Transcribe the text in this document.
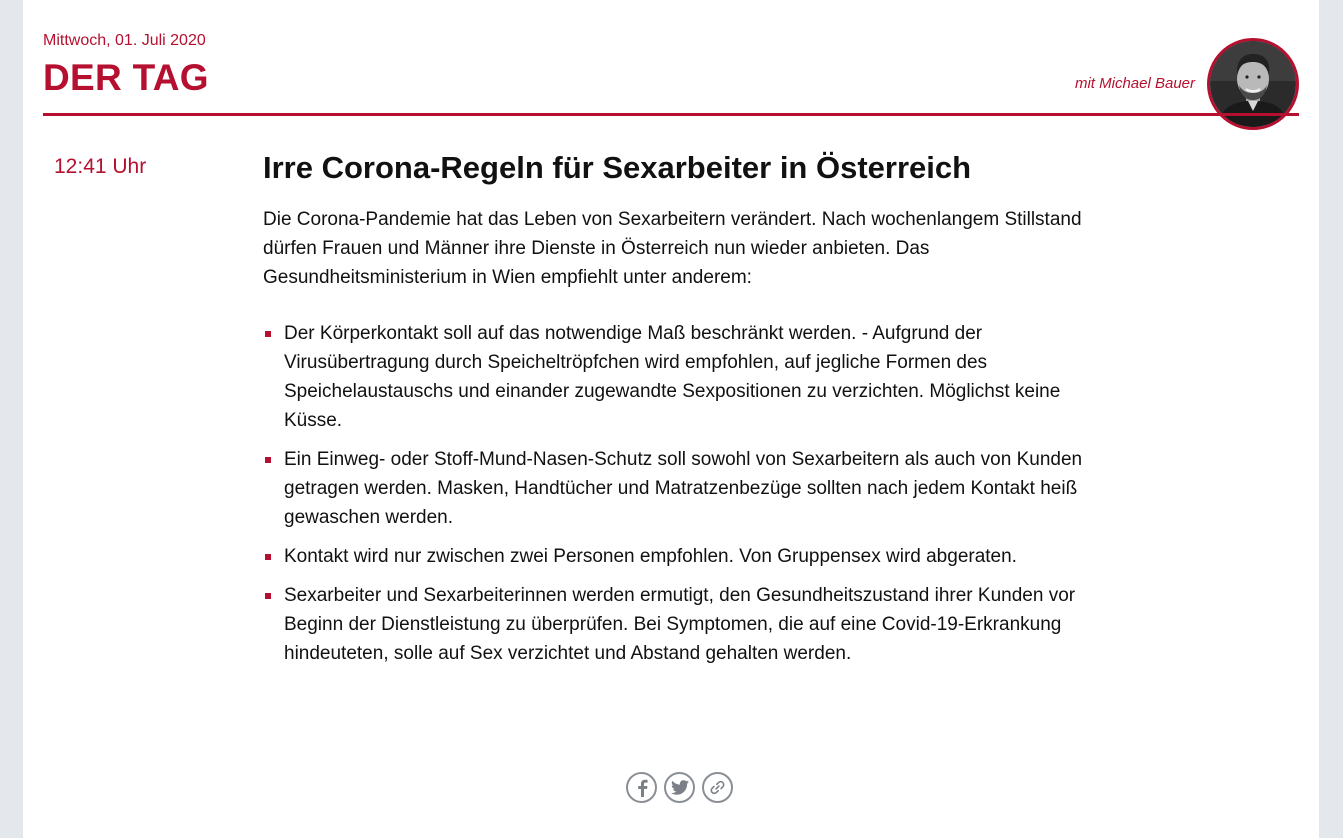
Mittwoch, 01. Juli 2020
DER TAG	mit Michael Bauer
12:41 Uhr	Irre Corona-Regeln für Sexarbeiter in Österreich

Die Corona-Pandemie hat das Leben von Sexarbeitern verändert. Nach wochenlangem Stillstand dürfen Frauen und Männer ihre Dienste in Österreich nun wieder anbieten. Das Gesundheitsministerium in Wien empfiehlt unter anderem:

Der Körperkontakt soll auf das notwendige Maß beschränkt werden. - Aufgrund der Virusübertragung durch Speicheltröpfchen wird empfohlen, auf jegliche Formen des Speichelaustauschs und einander zugewandte Sexpositionen zu verzichten. Möglichst keine Küsse.
Ein Einweg- oder Stoff-Mund-Nasen-Schutz soll sowohl von Sexarbeitern als auch von Kunden getragen werden. Masken, Handtücher und Matratzenbezüge sollten nach jedem Kontakt heiß gewaschen werden.
Kontakt wird nur zwischen zwei Personen empfohlen. Von Gruppensex wird abgeraten.
Sexarbeiter und Sexarbeiterinnen werden ermutigt, den Gesundheitszustand ihrer Kunden vor Beginn der Dienstleistung zu überprüfen. Bei Symptomen, die auf eine Covid-19-Erkrankung hindeuteten, solle auf Sex verzichtet und Abstand gehalten werden.
